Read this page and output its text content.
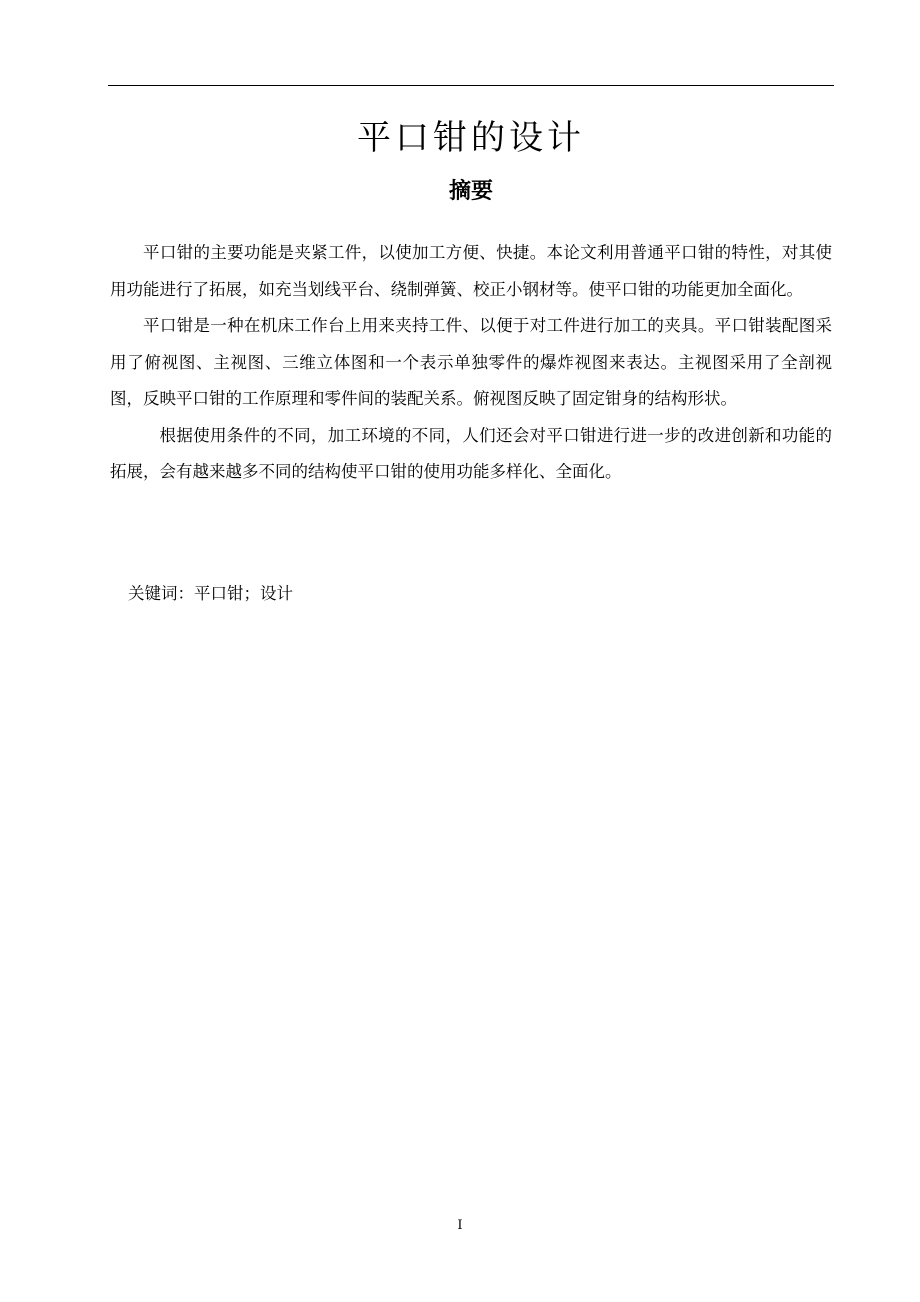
平口钳的设计
摘要

平口钳的主要功能是夹紧工件，以使加工方便、快捷。本论文利用普通平口钳的特性，对其使用功能进行了拓展，如充当划线平台、绕制弹簧、校正小钢材等。使平口钳的功能更加全面化。

平口钳是一种在机床工作台上用来夹持工件、以便于对工件进行加工的夹具。平口钳装配图采用了俯视图、主视图、三维立体图和一个表示单独零件的爆炸视图来表达。主视图采用了全剖视图，反映平口钳的工作原理和零件间的装配关系。俯视图反映了固定钳身的结构形状。

根据使用条件的不同，加工环境的不同，人们还会对平口钳进行进一步的改进创新和功能的拓展，会有越来越多不同的结构使平口钳的使用功能多样化、全面化。

关键词：平口钳；设计

I
